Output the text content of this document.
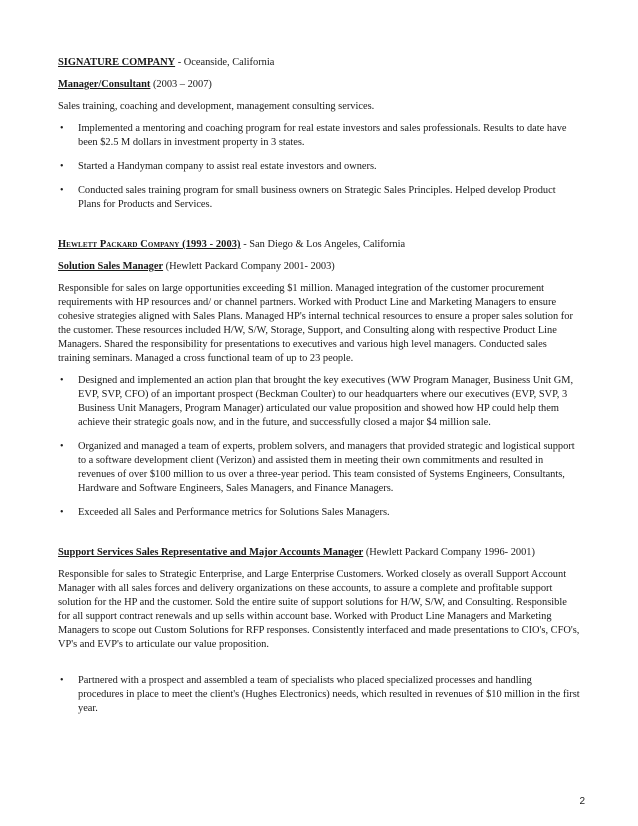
SIGNATURE COMPANY - Oceanside, California

Manager/Consultant (2003 – 2007)

Sales training, coaching and development, management consulting services.

• Implemented a mentoring and coaching program for real estate investors and sales professionals. Results to date have been $2.5 M dollars in investment property in 3 states.
• Started a Handyman company to assist real estate investors and owners.
• Conducted sales training program for small business owners on Strategic Sales Principles. Helped develop Product Plans for Products and Services.

Hewlett Packard Company (1993 - 2003) - San Diego & Los Angeles, California

Solution Sales Manager (Hewlett Packard Company 2001- 2003)

Responsible for sales on large opportunities exceeding $1 million. Managed integration of the customer procurement requirements with HP resources and/ or channel partners. Worked with Product Line and Marketing Managers to ensure cohesive strategies aligned with Sales Plans. Managed HP's internal technical resources to ensure a proper sales solution for the customer. These resources included H/W, S/W, Storage, Support, and Consulting along with respective Product Line Managers. Shared the responsibility for presentations to executives and various high level managers. Conducted sales training seminars. Managed a cross functional team of up to 23 people.

• Designed and implemented an action plan that brought the key executives (WW Program Manager, Business Unit GM, EVP, SVP, CFO) of an important prospect (Beckman Coulter) to our headquarters where our executives (EVP, SVP, 3 Business Unit Managers, Program Manager) articulated our value proposition and showed how HP could help them achieve their strategic goals now, and in the future, and successfully closed a major $4 million sale.
• Organized and managed a team of experts, problem solvers, and managers that provided strategic and logistical support to a software development client (Verizon) and assisted them in meeting their own commitments and resulted in revenues of over $100 million to us over a three-year period. This team consisted of Systems Engineers, Consultants, Hardware and Software Engineers, Sales Managers, and Finance Managers.
• Exceeded all Sales and Performance metrics for Solutions Sales Managers.

Support Services Sales Representative and Major Accounts Manager (Hewlett Packard Company 1996- 2001)

Responsible for sales to Strategic Enterprise, and Large Enterprise Customers. Worked closely as overall Support Account Manager with all sales forces and delivery organizations on these accounts, to assure a complete and profitable support solution for the HP and the customer. Sold the entire suite of support solutions for H/W, S/W, and Consulting. Responsible for all support contract renewals and up sells within account base. Worked with Product Line Managers and Marketing Managers to scope out Custom Solutions for RFP responses. Consistently interfaced and made presentations to CIO's, CFO's, VP's and EVP's to articulate our value proposition.

• Partnered with a prospect and assembled a team of specialists who placed specialized processes and handling procedures in place to meet the client's (Hughes Electronics) needs, which resulted in revenues of $10 million in the first year.
2
